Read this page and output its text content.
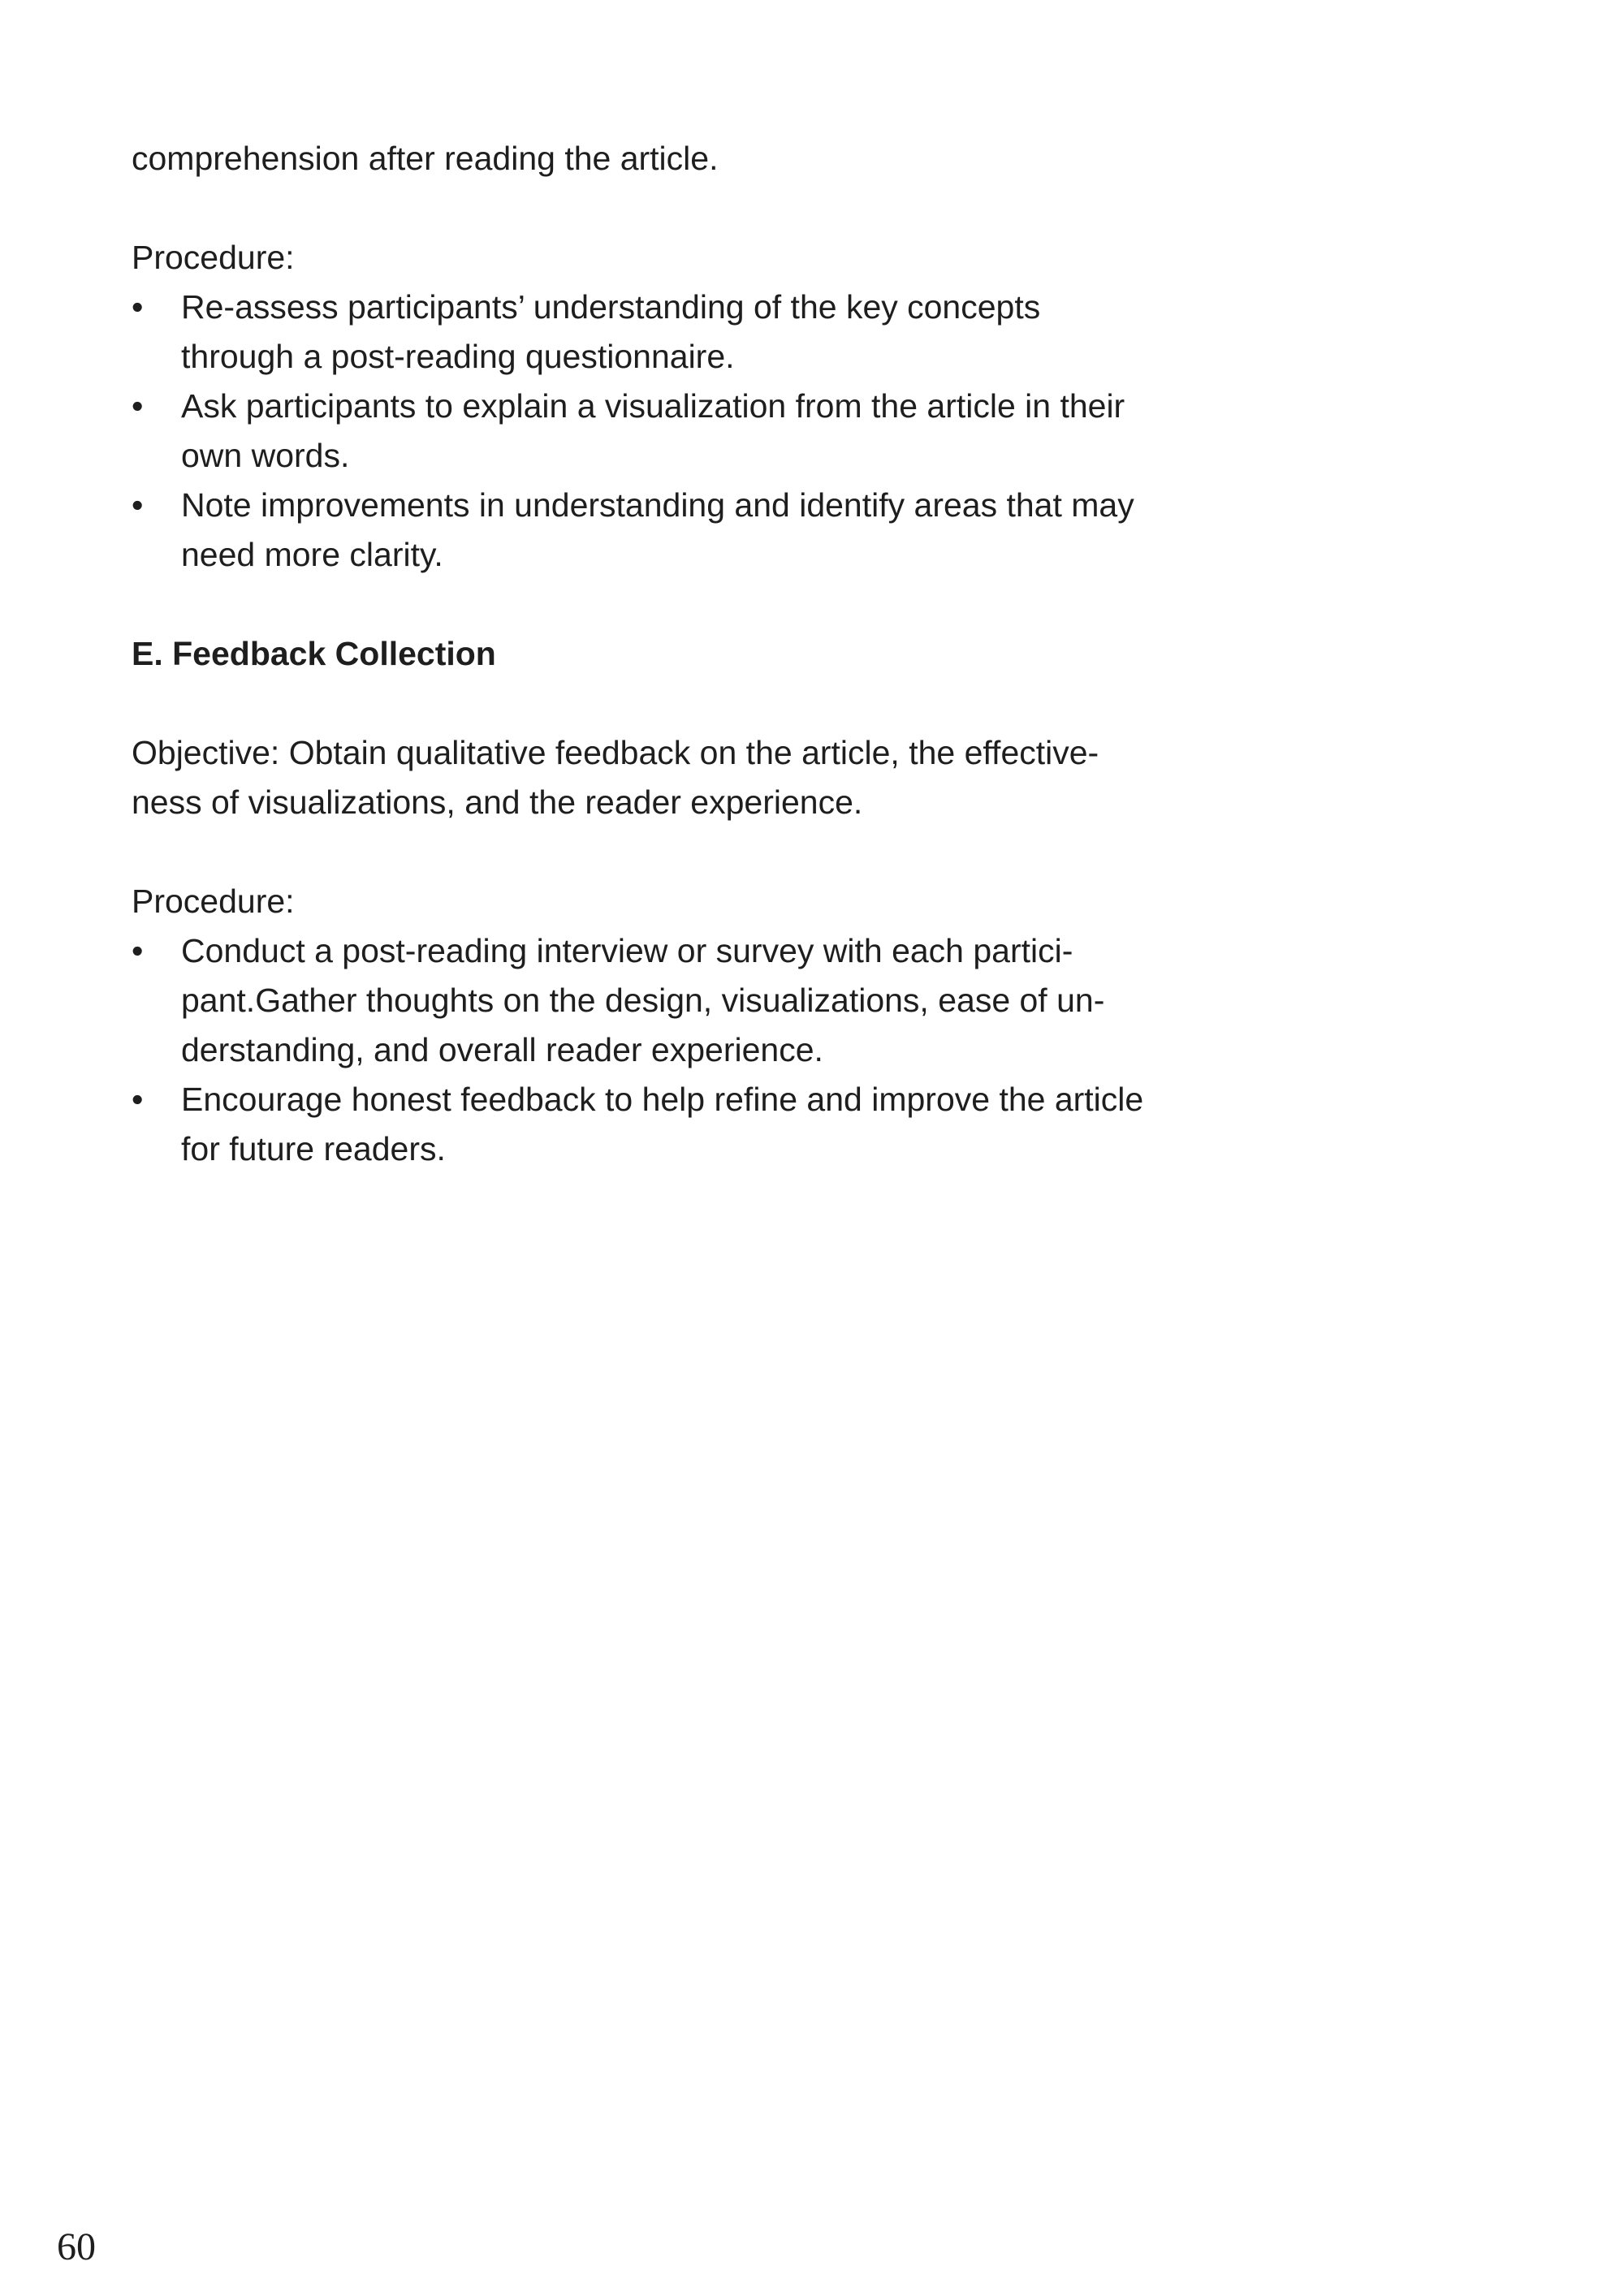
comprehension after reading the article.

Procedure:

• Re-assess participants’ understanding of the key concepts
through a post-reading questionnaire.
• Ask participants to explain a visualization from the article in their
own words.
• Note improvements in understanding and identify areas that may
need more clarity.

E. Feedback Collection

Objective: Obtain qualitative feedback on the article, the effective-
ness of visualizations, and the reader experience.

Procedure:

• Conduct a post-reading interview or survey with each partici-
pant.Gather thoughts on the design, visualizations, ease of un-
derstanding, and overall reader experience.
• Encourage honest feedback to help refine and improve the article
for future readers.
60
